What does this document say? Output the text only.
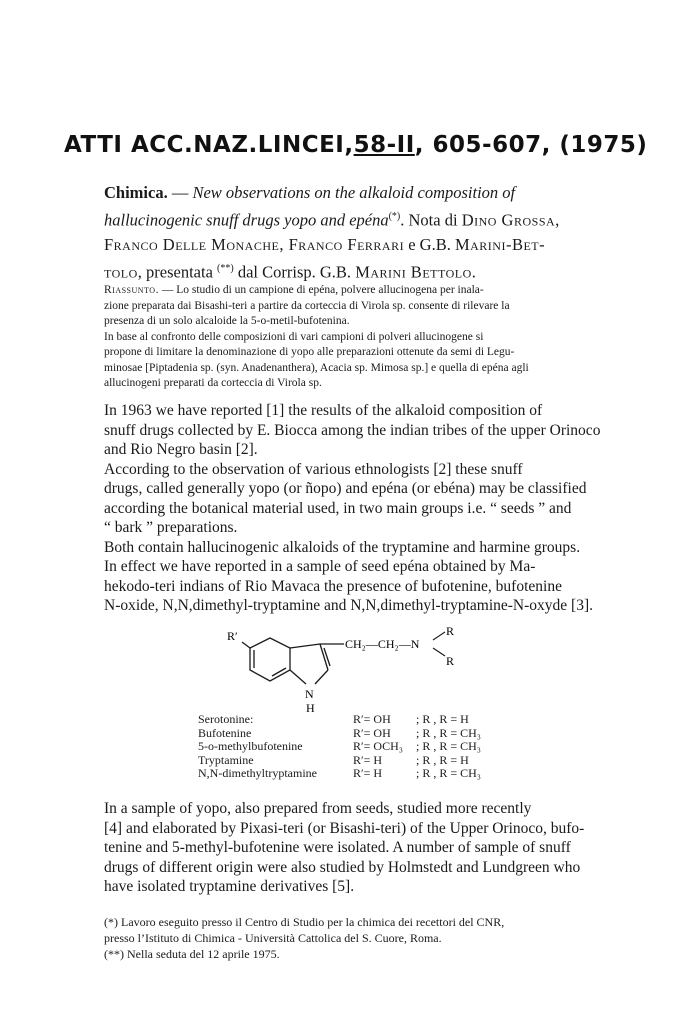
ATTI ACC.NAZ.LINCEI,58-II, 605-607, (1975)
Chimica. — New observations on the alkaloid composition of
hallucinogenic snuff drugs yopo and epéna(*). Nota di Dino Grossa,
Franco Delle Monache, Franco Ferrari e G.B. Marini-Bet-
tolo, presentata (**) dal Corrisp. G.B. Marini Bettolo.
Riassunto. — Lo studio di un campione di epéna, polvere allucinogena per inala-
zione preparata dai Bisashi-teri a partire da corteccia di Virola sp. consente di rilevare la
presenza di un solo alcaloide la 5-o-metil-bufotenina.
In base al confronto delle composizioni di vari campioni di polveri allucinogene si
propone di limitare la denominazione di yopo alle preparazioni ottenute da semi di Legu-
minosae [Piptadenia sp. (syn. Anadenanthera), Acacia sp. Mimosa sp.] e quella di epéna agli
allucinogeni preparati da corteccia di Virola sp.
In 1963 we have reported [1] the results of the alkaloid composition of
snuff drugs collected by E. Biocca among the indian tribes of the upper Orinoco
and Rio Negro basin [2].
According to the observation of various ethnologists [2] these snuff
drugs, called generally yopo (or ñopo) and epéna (or ebéna) may be classified
according the botanical material used, in two main groups i.e. “ seeds ” and
“ bark ” preparations.
Both contain hallucinogenic alkaloids of the tryptamine and harmine groups.
In effect we have reported in a sample of seed epéna obtained by Ma-
hekodo-teri indians of Rio Mavaca the presence of bufotenine, bufotenine
N-oxide, N,N,dimethyl-tryptamine and N,N,dimethyl-tryptamine-N-oxyde [3].
R′
CH₂—CH₂—N
R
R
N
H
Serotonine:	R′= OH ; R , R = H
Bufotenine	R′= OH ; R , R = CH₃
5-o-methylbufotenine	R′= OCH₃ ; R , R = CH₃
Tryptamine	R′= H	; R , R = H
N,N-dimethyltryptamine	R′= H	; R , R = CH₃
In a sample of yopo, also prepared from seeds, studied more recently
[4] and elaborated by Pixasi-teri (or Bisashi-teri) of the Upper Orinoco, bufo-
tenine and 5-methyl-bufotenine were isolated. A number of sample of snuff
drugs of different origin were also studied by Holmstedt and Lundgreen who
have isolated tryptamine derivatives [5].
(*) Lavoro eseguito presso il Centro di Studio per la chimica dei recettori del CNR,
presso l’Istituto di Chimica - Università Cattolica del S. Cuore, Roma.
(**) Nella seduta del 12 aprile 1975.
